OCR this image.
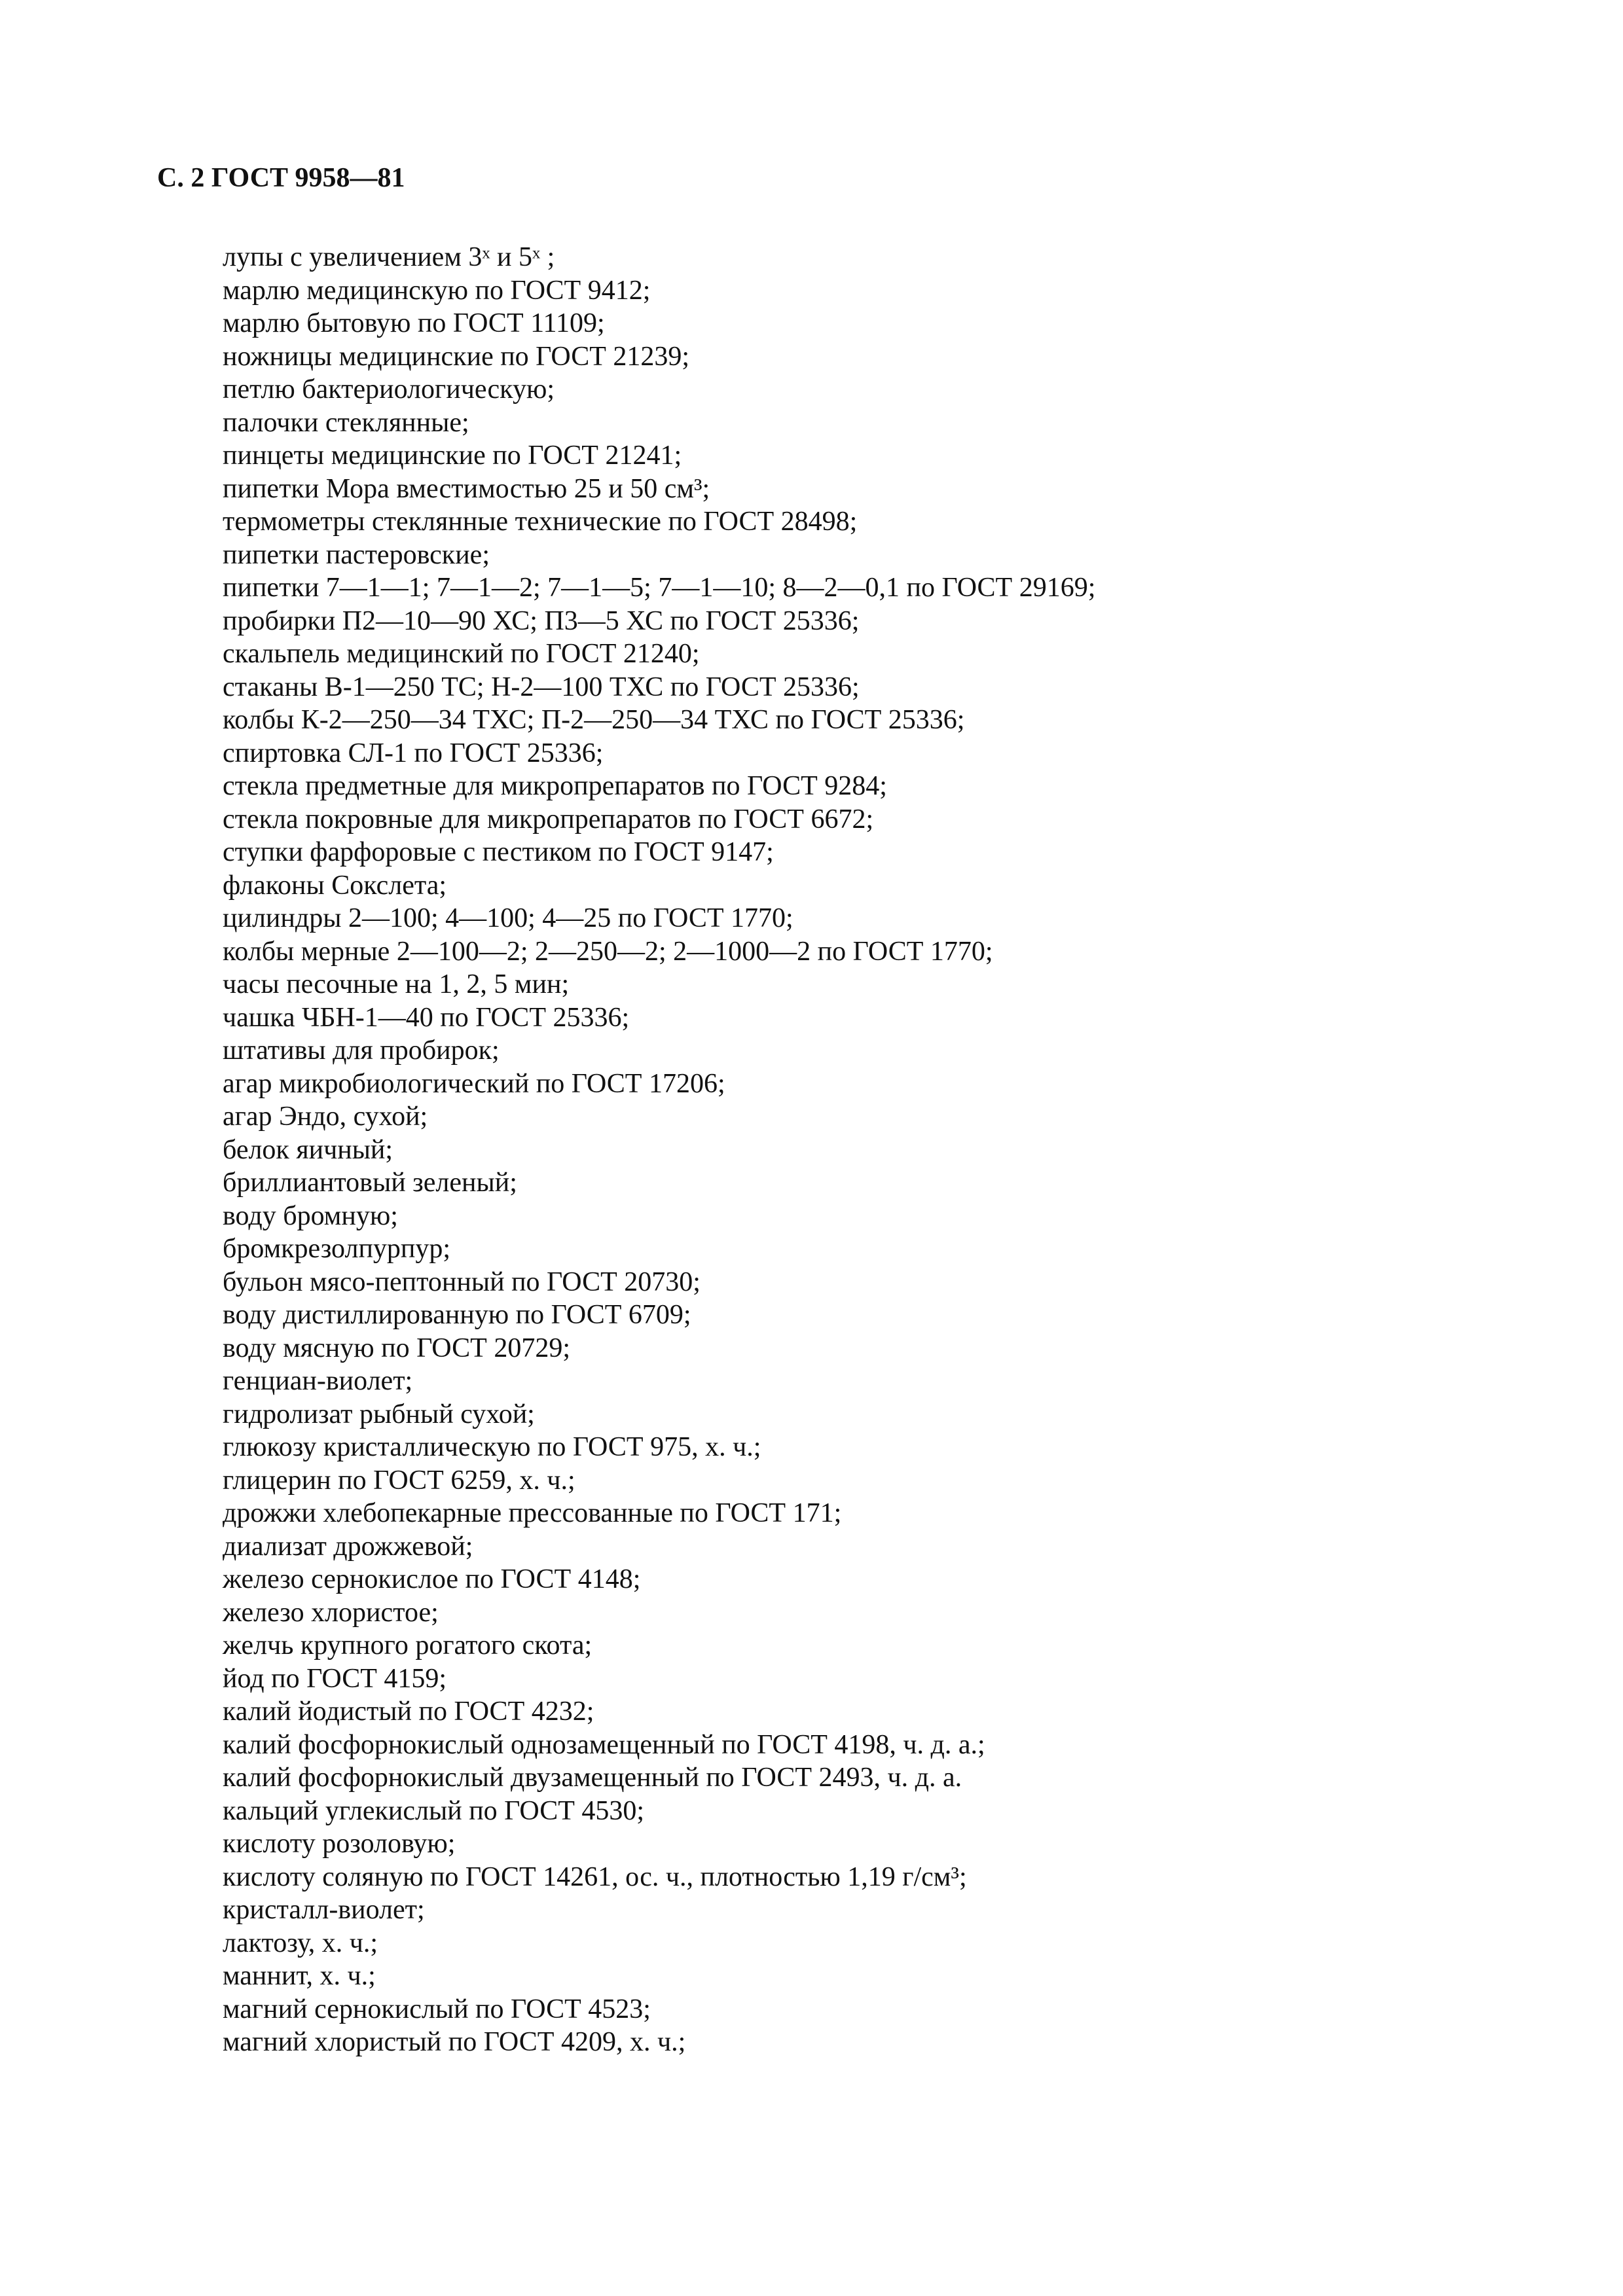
С. 2 ГОСТ 9958—81
лупы с увеличением 3ˣ и 5ˣ ;
марлю медицинскую по ГОСТ 9412;
марлю бытовую по ГОСТ 11109;
ножницы медицинские по ГОСТ 21239;
петлю бактериологическую;
палочки стеклянные;
пинцеты медицинские по ГОСТ 21241;
пипетки Мора вместимостью 25 и 50 см³;
термометры стеклянные технические по ГОСТ 28498;
пипетки пастеровские;
пипетки 7—1—1; 7—1—2; 7—1—5; 7—1—10; 8—2—0,1 по ГОСТ 29169;
пробирки П2—10—90 ХС; П3—5 ХС по ГОСТ 25336;
скальпель медицинский по ГОСТ 21240;
стаканы В-1—250 ТС; Н-2—100 ТХС по ГОСТ 25336;
колбы К-2—250—34 ТХС; П-2—250—34 ТХС по ГОСТ 25336;
спиртовка СЛ-1 по ГОСТ 25336;
стекла предметные для микропрепаратов по ГОСТ 9284;
стекла покровные для микропрепаратов по ГОСТ 6672;
ступки фарфоровые с пестиком по ГОСТ 9147;
флаконы Сокслета;
цилиндры 2—100; 4—100; 4—25 по ГОСТ 1770;
колбы мерные 2—100—2; 2—250—2; 2—1000—2 по ГОСТ 1770;
часы песочные на 1, 2, 5 мин;
чашка ЧБН-1—40 по ГОСТ 25336;
штативы для пробирок;
агар микробиологический по ГОСТ 17206;
агар Эндо, сухой;
белок яичный;
бриллиантовый зеленый;
воду бромную;
бромкрезолпурпур;
бульон мясо-пептонный по ГОСТ 20730;
воду дистиллированную по ГОСТ 6709;
воду мясную по ГОСТ 20729;
генциан-виолет;
гидролизат рыбный сухой;
глюкозу кристаллическую по ГОСТ 975, х. ч.;
глицерин по ГОСТ 6259, х. ч.;
дрожжи хлебопекарные прессованные по ГОСТ 171;
диализат дрожжевой;
железо сернокислое по ГОСТ 4148;
железо хлористое;
желчь крупного рогатого скота;
йод по ГОСТ 4159;
калий йодистый по ГОСТ 4232;
калий фосфорнокислый однозамещенный по ГОСТ 4198, ч. д. а.;
калий фосфорнокислый двузамещенный по ГОСТ 2493, ч. д. а.
кальций углекислый по ГОСТ 4530;
кислоту розоловую;
кислоту соляную по ГОСТ 14261, ос. ч., плотностью 1,19 г/см³;
кристалл-виолет;
лактозу, х. ч.;
маннит, х. ч.;
магний сернокислый по ГОСТ 4523;
магний хлористый по ГОСТ 4209, х. ч.;
